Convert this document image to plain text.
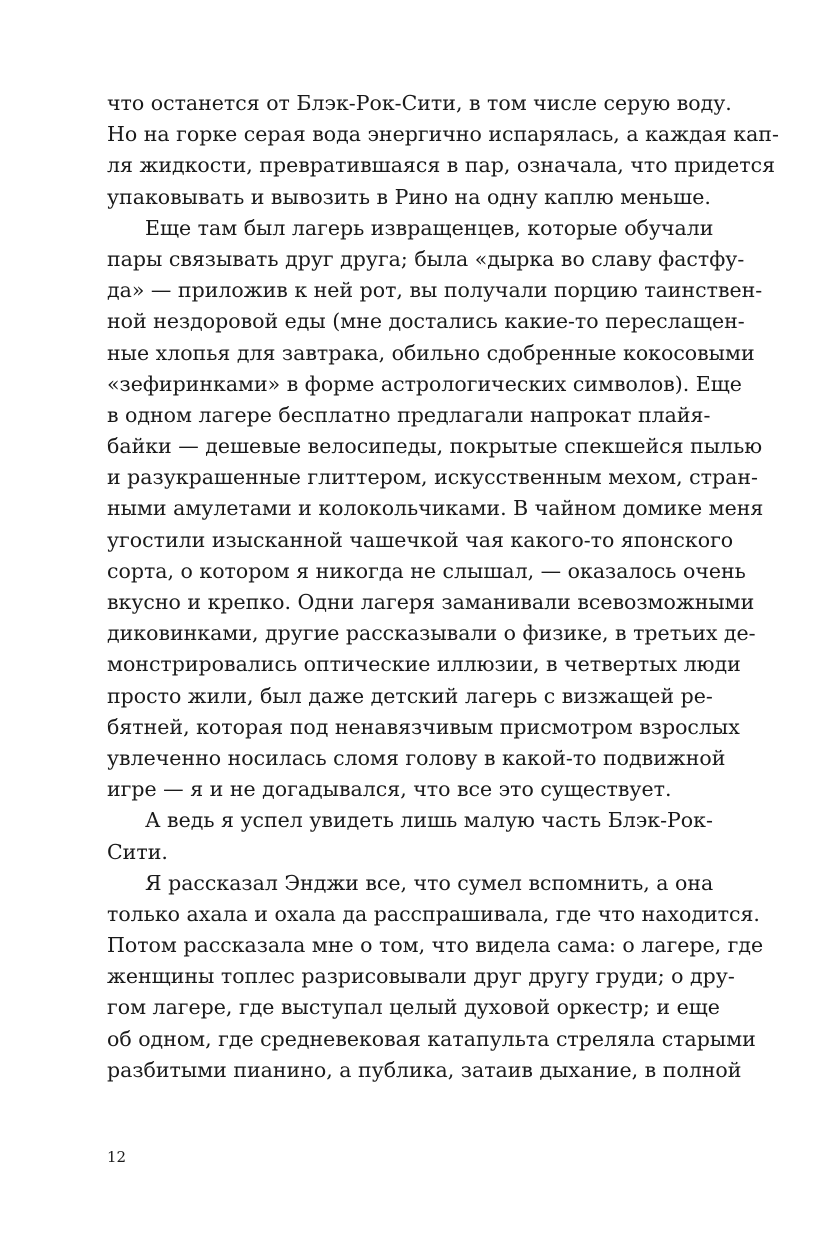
что останется от Блэк-Рок-Сити, в том числе серую воду.
Но на горке серая вода энергично испарялась, а каждая кап-
ля жидкости, превратившаяся в пар, означала, что придется
упаковывать и вывозить в Рино на одну каплю меньше.
Еще там был лагерь извращенцев, которые обучали
пары связывать друг друга; была «дырка во славу фастфу-
да» — приложив к ней рот, вы получали порцию таинствен-
ной нездоровой еды (мне достались какие-то переслащен-
ные хлопья для завтрака, обильно сдобренные кокосовыми
«зефиринками» в форме астрологических символов). Еще
в одном лагере бесплатно предлагали напрокат плайя-
байки — дешевые велосипеды, покрытые спекшейся пылью
и разукрашенные глиттером, искусственным мехом, стран-
ными амулетами и колокольчиками. В чайном домике меня
угостили изысканной чашечкой чая какого-то японского
сорта, о котором я никогда не слышал, — оказалось очень
вкусно и крепко. Одни лагеря заманивали всевозможными
диковинками, другие рассказывали о физике, в третьих де-
монстрировались оптические иллюзии, в четвертых люди
просто жили, был даже детский лагерь с визжащей ре-
бятней, которая под ненавязчивым присмотром взрослых
увлеченно носилась сломя голову в какой-то подвижной
игре — я и не догадывался, что все это существует.
А ведь я успел увидеть лишь малую часть Блэк-Рок-
Сити.
Я рассказал Энджи все, что сумел вспомнить, а она
только ахала и охала да расспрашивала, где что находится.
Потом рассказала мне о том, что видела сама: о лагере, где
женщины топлес разрисовывали друг другу груди; о дру-
гом лагере, где выступал целый духовой оркестр; и еще
об одном, где средневековая катапульта стреляла старыми
разбитыми пианино, а публика, затаив дыхание, в полной
12
